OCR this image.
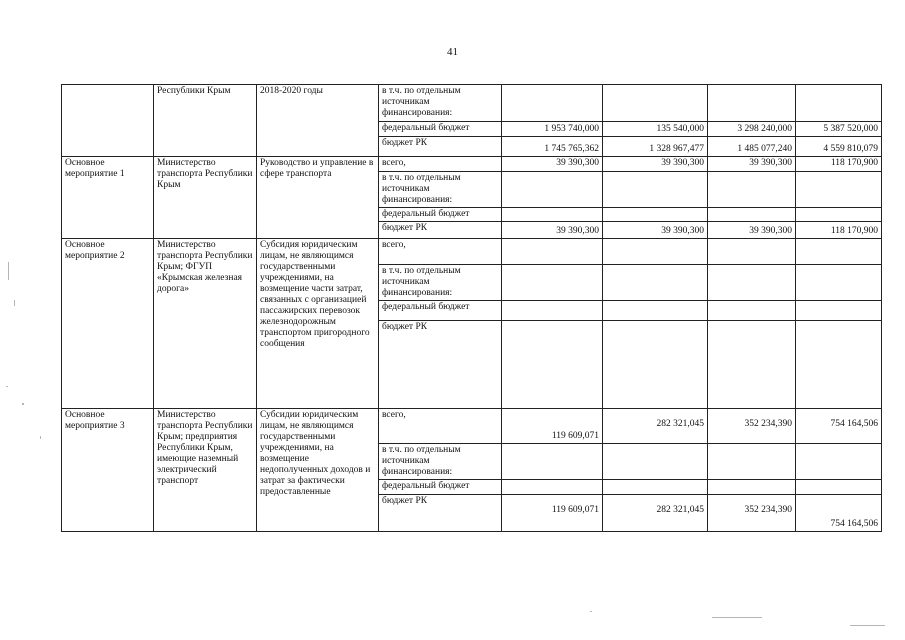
41
	Республики Крым	2018-2020 годы	в т.ч. по отдельным источникам финансирования:				
			федеральный бюджет	1 953 740,000	135 540,000	3 298 240,000	5 387 520,000
			бюджет РК	1 745 765,362	1 328 967,477	1 485 077,240	4 559 810,079
Основное мероприятие 1	Министерство транспорта Республики Крым	Руководство и управление в сфере транспорта	всего,	39 390,300	39 390,300	39 390,300	118 170,900
			в т.ч. по отдельным источникам финансирования:				
			федеральный бюджет				
			бюджет РК	39 390,300	39 390,300	39 390,300	118 170,900
Основное мероприятие 2	Министерство транспорта Республики Крым; ФГУП «Крымская железная дорога»	Субсидия юридическим лицам, не являющимся государственными учреждениями, на возмещение части затрат, связанных с организацией пассажирских перевозок железнодорожным транспортом пригородного сообщения	всего,				
			в т.ч. по отдельным источникам финансирования:				
			федеральный бюджет				
			бюджет РК				
Основное мероприятие 3	Министерство транспорта Республики Крым; предприятия Республики Крым, имеющие наземный электрический транспорт	Субсидии юридическим лицам, не являющимся государственными учреждениями, на возмещение недополученных доходов и затрат за фактически предоставленные	всего,	119 609,071	282 321,045	352 234,390	754 164,506
			в т.ч. по отдельным источникам финансирования:				
			федеральный бюджет				
			бюджет РК	119 609,071	282 321,045	352 234,390	754 164,506
